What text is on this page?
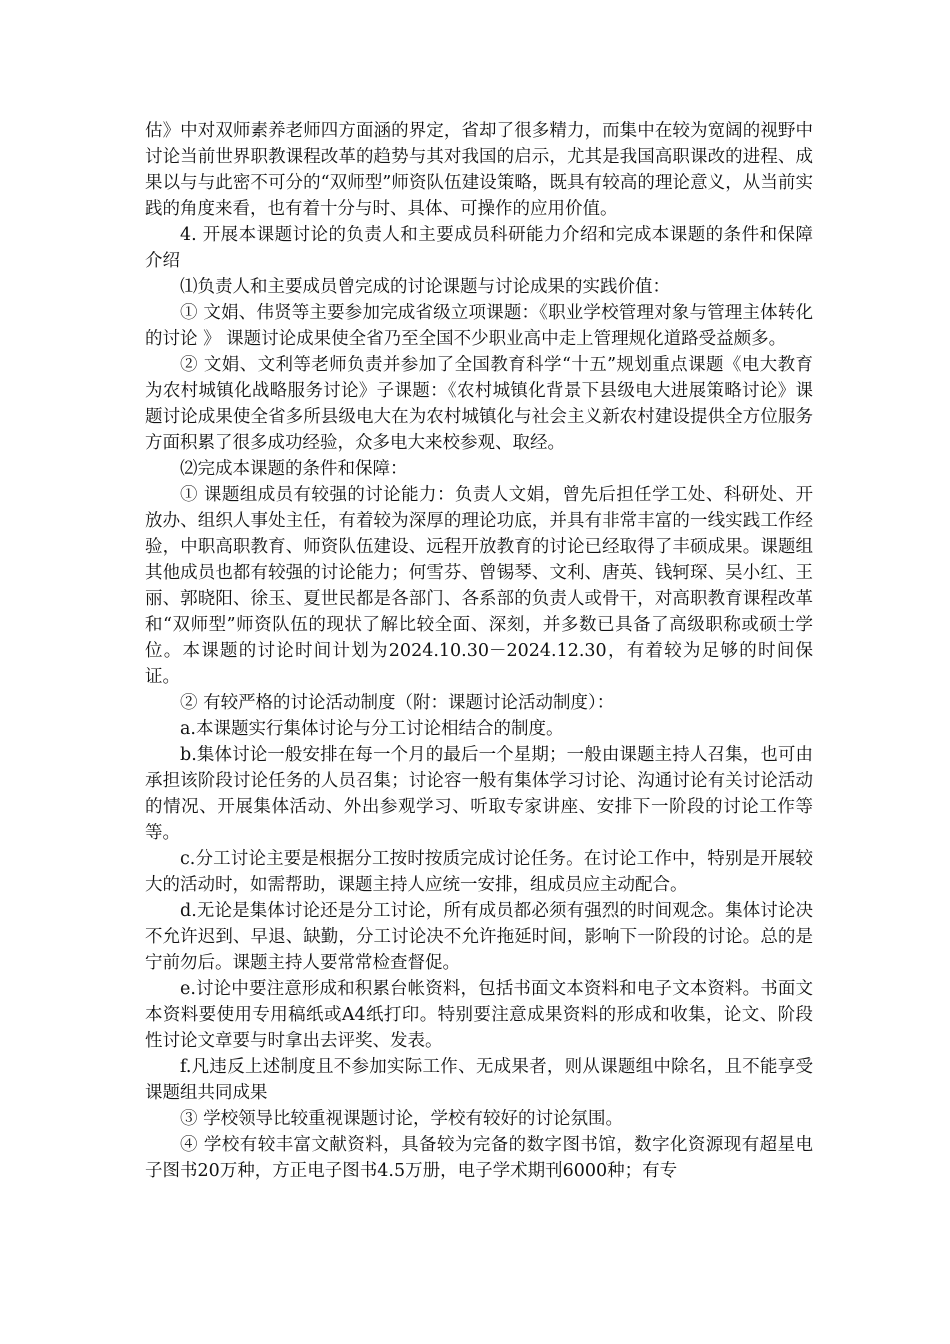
估》中对双师素养老师四方面涵的界定，省却了很多精力，而集中在较为宽阔的视野中讨论当前世界职教课程改革的趋势与其对我国的启示，尤其是我国高职课改的进程、成果以与与此密不可分的“双师型”师资队伍建设策略，既具有较高的理论意义，从当前实践的角度来看，也有着十分与时、具体、可操作的应用价值。

4. 开展本课题讨论的负责人和主要成员科研能力介绍和完成本课题的条件和保障介绍

⑴负责人和主要成员曾完成的讨论课题与讨论成果的实践价值：

① 文娟、伟贤等主要参加完成省级立项课题：《职业学校管理对象与管理主体转化的讨论 》 课题讨论成果使全省乃至全国不少职业高中走上管理规化道路受益颇多。

② 文娟、文利等老师负责并参加了全国教育科学“十五”规划重点课题《电大教育为农村城镇化战略服务讨论》子课题：《农村城镇化背景下县级电大进展策略讨论》课题讨论成果使全省多所县级电大在为农村城镇化与社会主义新农村建设提供全方位服务方面积累了很多成功经验，众多电大来校参观、取经。

⑵完成本课题的条件和保障：

① 课题组成员有较强的讨论能力：负责人文娟，曾先后担任学工处、科研处、开放办、组织人事处主任，有着较为深厚的理论功底，并具有非常丰富的一线实践工作经验，中职高职教育、师资队伍建设、远程开放教育的讨论已经取得了丰硕成果。课题组其他成员也都有较强的讨论能力；何雪芬、曾锡琴、文利、唐英、钱轲琛、吴小红、王丽、郭晓阳、徐玉、夏世民都是各部门、各系部的负责人或骨干，对高职教育课程改革和“双师型”师资队伍的现状了解比较全面、深刻，并多数已具备了高级职称或硕士学位。本课题的讨论时间计划为2024.10.30－2024.12.30，有着较为足够的时间保证。

② 有较严格的讨论活动制度（附：课题讨论活动制度）：

a.本课题实行集体讨论与分工讨论相结合的制度。

b.集体讨论一般安排在每一个月的最后一个星期；一般由课题主持人召集，也可由承担该阶段讨论任务的人员召集；讨论容一般有集体学习讨论、沟通讨论有关讨论活动的情况、开展集体活动、外出参观学习、听取专家讲座、安排下一阶段的讨论工作等等。

c.分工讨论主要是根据分工按时按质完成讨论任务。在讨论工作中，特别是开展较大的活动时，如需帮助，课题主持人应统一安排，组成员应主动配合。

d.无论是集体讨论还是分工讨论，所有成员都必须有强烈的时间观念。集体讨论决不允许迟到、早退、缺勤，分工讨论决不允许拖延时间，影响下一阶段的讨论。总的是宁前勿后。课题主持人要常常检查督促。

e.讨论中要注意形成和积累台帐资料，包括书面文本资料和电子文本资料。书面文本资料要使用专用稿纸或A4纸打印。特别要注意成果资料的形成和收集，论文、阶段性讨论文章要与时拿出去评奖、发表。

f.凡违反上述制度且不参加实际工作、无成果者，则从课题组中除名，且不能享受课题组共同成果

③ 学校领导比较重视课题讨论，学校有较好的讨论氛围。

④ 学校有较丰富文献资料，具备较为完备的数字图书馆，数字化资源现有超星电子图书20万种，方正电子图书4.5万册，电子学术期刊6000种；有专
